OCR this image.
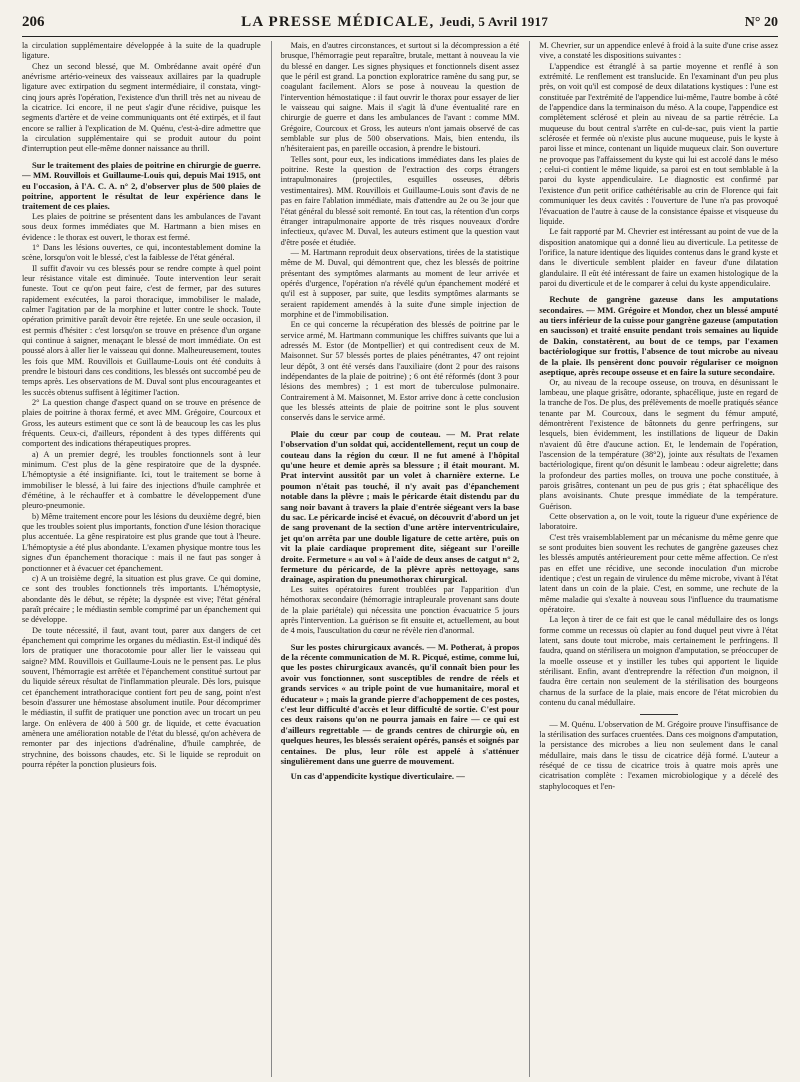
206	LA PRESSE MÉDICALE, Jeudi, 5 Avril 1917	N° 20

la circulation supplémentaire développée à la suite de la quadruple ligature.

Chez un second blessé, que M. Ombrédanne avait opéré d'un anévrisme artério-veineux des vaisseaux axillaires par la quadruple ligature avec extirpation du segment intermédiaire, il constata, vingt-cinq jours après l'opération, l'existence d'un thrill très net au niveau de la cicatrice. Ici encore, il ne peut s'agir d'une récidive, puisque les segments d'artère et de veine communiquants ont été extirpés, et il faut encore se rallier à l'explication de M. Quénu, c'est-à-dire admettre que la circulation supplémentaire qui se produit autour du point d'interruption peut elle-même donner naissance au thrill.

Sur le traitement des plaies de poitrine en chirurgie de guerre. — MM. Rouvillois et Guillaume-Louis qui, depuis Mai 1915, ont eu l'occasion, à l'A. C. A. n° 2, d'observer plus de 500 plaies de poitrine, apportent le résultat de leur expérience dans le traitement de ces plaies.

Les plaies de poitrine se présentent dans les ambulances de l'avant sous deux formes immédiates que M. Hartmann a bien mises en évidence : le thorax est ouvert, le thorax est fermé.

1° Dans les lésions ouvertes, ce qui, incontestablement domine la scène, lorsqu'on voit le blessé, c'est la faiblesse de l'état général.

Il suffit d'avoir vu ces blessés pour se rendre compte à quel point leur résistance vitale est diminuée. Toute intervention leur serait funeste. Tout ce qu'on peut faire, c'est de fermer, par des sutures rapidement exécutées, la paroi thoracique, immobiliser le malade, calmer l'agitation par de la morphine et lutter contre le shock. Toute opération primitive paraît devoir être rejetée. En une seule occasion, il est permis d'hésiter : c'est lorsqu'on se trouve en présence d'un organe qui continue à saigner, menaçant le blessé de mort immédiate. On est poussé alors à aller lier le vaisseau qui donne. Malheureusement, toutes les fois que MM. Rouvillois et Guillaume-Louis ont été conduits à prendre le bistouri dans ces conditions, les blessés ont succombé peu de temps après. Les observations de M. Duval sont plus encourageantes et les succès obtenus suffisent à légitimer l'action.

2° La question change d'aspect quand on se trouve en présence de plaies de poitrine à thorax fermé, et avec MM. Grégoire, Courcoux et Gross, les auteurs estiment que ce sont là de beaucoup les cas les plus fréquents. Ceux-ci, d'ailleurs, répondent à des types différents qui comportent des indications thérapeutiques propres.

a) A un premier degré, les troubles fonctionnels sont à leur minimum. C'est plus de la gène respiratoire que de la dyspnée. L'hémoptysie a été insignifiante. Ici, tout le traitement se borne à immobiliser le blessé, à lui faire des injections d'huile camphrée et d'émétine, à le réchauffer et à combattre le développement d'une pleuro-pneumonie.

b) Même traitement encore pour les lésions du deuxième degré, bien que les troubles soient plus importants, fonction d'une lésion thoracique plus accentuée. La gêne respiratoire est plus grande que tout à l'heure. L'hémoptysie a été plus abondante. L'examen physique montre tous les signes d'un épanchement thoracique : mais il ne faut pas songer à ponctionner et à évacuer cet épanchement.

c) A un troisième degré, la situation est plus grave. Ce qui domine, ce sont des troubles fonctionnels très importants. L'hémoptysie, abondante dès le début, se répète; la dyspnée est vive; l'état général paraît précaire ; le médiastin semble comprimé par un épanchement qui se développe.

De toute nécessité, il faut, avant tout, parer aux dangers de cet épanchement qui comprime les organes du médiastin. Est-il indiqué dès lors de pratiquer une thoracotomie pour aller lier le vaisseau qui saigne? MM. Rouvillois et Guillaume-Louis ne le pensent pas. Le plus souvent, l'hémorragie est arrêtée et l'épanchement constitué surtout par du liquide séreux résultat de l'inflammation pleurale. Dès lors, puisque cet épanchement intrathoracique contient fort peu de sang, point n'est besoin d'assurer une hémostase absolument inutile. Pour décomprimer le médiastin, il suffit de pratiquer une ponction avec un trocart un peu large. On enlèvera de 400 à 500 gr. de liquide, et cette évacuation amènera une amélioration notable de l'état du blessé, qu'on achèvera de remonter par des injections d'adrénaline, d'huile camphrée, de strychnine, des boissons chaudes, etc. Si le liquide se reproduit on pourra répéter la ponction plusieurs fois.

Mais, en d'autres circonstances, et surtout si la décompression a été brusque, l'hémorragie peut reparaître, brutale, mettant à nouveau la vie du blessé en danger. Les signes physiques et fonctionnels disent assez que le péril est grand. La ponction exploratrice ramène du sang pur, se coagulant facilement. Alors se pose à nouveau la question de l'intervention hémostatique : il faut ouvrir le thorax pour essayer de lier le vaisseau qui saigne. Mais il s'agit là d'une éventualité rare en chirurgie de guerre et dans les ambulances de l'avant : comme MM. Grégoire, Courcoux et Gross, les auteurs n'ont jamais observé de cas semblable sur plus de 500 observations. Mais, bien entendu, ils n'hésiteraient pas, en pareille occasion, à prendre le bistouri.

Telles sont, pour eux, les indications immédiates dans les plaies de poitrine. Reste la question de l'extraction des corps étrangers intrapulmonaires (projectiles, esquilles osseuses, débris vestimentaires). MM. Rouvillois et Guillaume-Louis sont d'avis de ne pas en faire l'ablation immédiate, mais d'attendre au 2e ou 3e jour que l'état général du blessé soit remonté. En tout cas, la rétention d'un corps étranger intrapulmonaire apporte de très risques nouveaux d'ordre infectieux, qu'avec M. Duval, les auteurs estiment que la question vaut d'être posée et étudiée.

— M. Hartmann reproduit deux observations, tirées de la statistique même de M. Duval, qui démontrent que, chez les blessés de poitrine présentant des symptômes alarmants au moment de leur arrivée et opérés d'urgence, l'opération n'a révélé qu'un épanchement modéré et qu'il est à supposer, par suite, que lesdits symptômes alarmants se seraient rapidement amendés à la suite d'une simple injection de morphine et de l'immobilisation.

En ce qui concerne la récupération des blessés de poitrine par le service armé, M. Hartmann communique les chiffres suivants que lui a adressés M. Estor (de Montpellier) et qui contredisent ceux de M. Maisonnet. Sur 57 blessés portes de plaies pénétrantes, 47 ont rejoint leur dépôt, 3 ont été versés dans l'auxiliaire (dont 2 pour des raisons indépendantes de la plaie de poitrine) ; 6 ont été réformés (dont 3 pour lésions des membres) ; 1 est mort de tuberculose pulmonaire. Contrairement à M. Maisonnet, M. Estor arrive donc à cette conclusion que les blessés atteints de plaie de poitrine sont le plus souvent conservés dans le service armé.

Plaie du cœur par coup de couteau. — M. Prat relate l'observation d'un soldat qui, accidentellement, reçut un coup de couteau dans la région du cœur. Il ne fut amené à l'hôpital qu'une heure et demie après sa blessure ; il était mourant. M. Prat intervint aussitôt par un volet à charnière externe. Le poumon n'était pas touché, il n'y avait pas d'épanchement notable dans la plèvre ; mais le péricarde était distendu par du sang noir bavant à travers la plaie d'entrée siégeant vers la base du sac. Le péricarde incisé et évacué, on découvrit d'abord un jet de sang provenant de la section d'une artère interventriculaire, jet qu'on arrêta par une double ligature de cette artère, puis on vit la plaie cardiaque proprement dite, siégeant sur l'oreille droite. Fermeture « au vol » à l'aide de deux anses de catgut n° 2, fermeture du péricarde, de la plèvre après nettoyage, sans drainage, aspiration du pneumothorax chirurgical.

Les suites opératoires furent troublées par l'apparition d'un hémothorax secondaire (hémorragie intrapleurale provenant sans doute de la plaie pariétale) qui nécessita une ponction évacuatrice 5 jours après l'intervention. La guérison se fit ensuite et, actuellement, au bout de 4 mois, l'auscultation du cœur ne révèle rien d'anormal.

Sur les postes chirurgicaux avancés. — M. Potherat, à propos de la récente communication de M. R. Picqué, estime, comme lui, que les postes chirurgicaux avancés, qu'il connaît bien pour les avoir vus fonctionner, sont susceptibles de rendre de réels et grands services « au triple point de vue humanitaire, moral et éducateur » ; mais la grande pierre d'achoppement de ces postes, c'est leur difficulté d'accès et leur difficulté de sortie. C'est pour ces deux raisons qu'on ne pourra jamais en faire — ce qui est d'ailleurs regrettable — de grands centres de chirurgie où, en quelques heures, les blessés seraient opérés, pansés et soignés par centaines. De plus, leur rôle est appelé à s'atténuer singulièrement dans une guerre de mouvement.
Un cas d'appendicite kystique diverticulaire. —

M. Chevrier, sur un appendice enlevé à froid à la suite d'une crise assez vive, a constaté les dispositions suivantes :

L'appendice est étranglé à sa partie moyenne et renflé à son extrémité. Le renflement est translucide. En l'examinant d'un peu plus près, on voit qu'il est composé de deux dilatations kystiques : l'une est constituée par l'extrémité de l'appendice lui-même, l'autre bombe à côté de l'appendice dans la terminaison du méso. A la coupe, l'appendice est complètement sclérosé et plein au niveau de sa partie rétrécie. La muqueuse du bout central s'arrête en cul-de-sac, puis vient la partie sclérosée et fermée où n'existe plus aucune muqueuse, puis le kyste à paroi lisse et mince, contenant un liquide muqueux clair. Son ouverture ne provoque pas l'affaissement du kyste qui lui est accolé dans le méso ; celui-ci contient le même liquide, sa paroi est en tout semblable à la paroi du kyste appendiculaire. Le diagnostic est confirmé par l'existence d'un petit orifice cathétérisable au crin de Florence qui fait communiquer les deux cavités : l'ouverture de l'une n'a pas provoqué l'évacuation de l'autre à cause de la consistance épaisse et visqueuse du liquide.

Le fait rapporté par M. Chevrier est intéressant au point de vue de la disposition anatomique qui a donné lieu au diverticule. La petitesse de l'orifice, la nature identique des liquides contenus dans le grand kyste et dans le diverticule semblent plaider en faveur d'une dilatation glandulaire. Il eût été intéressant de faire un examen histologique de la paroi du diverticule et de le comparer à celui du kyste appendiculaire.

Rechute de gangrène gazeuse dans les amputations secondaires. — MM. Grégoire et Mondor, chez un blessé amputé au tiers inférieur de la cuisse pour gangrène gazeuse (amputation en saucisson) et traité ensuite pendant trois semaines au liquide de Dakin, constatèrent, au bout de ce temps, par l'examen bactériologique sur frottis, l'absence de tout microbe au niveau de la plaie. Ils pensèrent donc pouvoir régulariser ce moignon aseptique, après recoupe osseuse et en faire la suture secondaire.

Or, au niveau de la recoupe osseuse, on trouva, en désunissant le lambeau, une plaque grisâtre, odorante, sphacélique, juste en regard de la tranche de l'os. De plus, des prélèvements de moelle pratiqués séance tenante par M. Courcoux, dans le segment du fémur amputé, démontrèrent l'existence de bâtonnets du genre perfringens, sur lesquels, bien évidemment, les instillations de liqueur de Dakin n'avaient dû être d'aucune action. Et, le lendemain de l'opération, l'ascension de la température (38°2), jointe aux résultats de l'examen bactériologique, firent qu'on désunit le lambeau : odeur aigrelette; dans la profondeur des parties molles, on trouva une poche constituée, à parois grisâtres, contenant un peu de pus gris ; état sphacélique des plans avoisinants. Chute presque immédiate de la température. Guérison.

Cette observation a, on le voit, toute la rigueur d'une expérience de laboratoire.

C'est très vraisemblablement par un mécanisme du même genre que se sont produites bien souvent les rechutes de gangrène gazeuses chez les blessés amputés antérieurement pour cette même affection. Ce n'est pas en effet une récidive, une seconde inoculation d'un microbe identique ; c'est un regain de virulence du même microbe, vivant à l'état latent dans un coin de la plaie. C'est, en somme, une rechute de la même maladie qui s'exalte à nouveau sous l'influence du traumatisme opératoire.

La leçon à tirer de ce fait est que le canal médullaire des os longs forme comme un recessus où clapier au fond duquel peut vivre à l'état latent, sans doute tout microbe, mais certainement le perfringens. Il faudra, quand on stérilisera un moignon d'amputation, se préoccuper de la moelle osseuse et y instiller les tubes qui apportent le liquide stérilisant. Enfin, avant d'entreprendre la réfection d'un moignon, il faudra être certain non seulement de la stérilisation des bourgeons charnus de la surface de la plaie, mais encore de l'état microbien du contenu du canal médullaire.

— M. Quénu. L'observation de M. Grégoire prouve l'insuffisance de la stérilisation des surfaces cruentées. Dans ces moignons d'amputation, la persistance des microbes a lieu non seulement dans le canal médullaire, mais dans le tissu de cicatrice déjà formé. L'auteur a réséqué de ce tissu de cicatrice trois à quatre mois après une cicatrisation complète : l'examen microbiologique y a décelé des staphylocoques et l'en-
